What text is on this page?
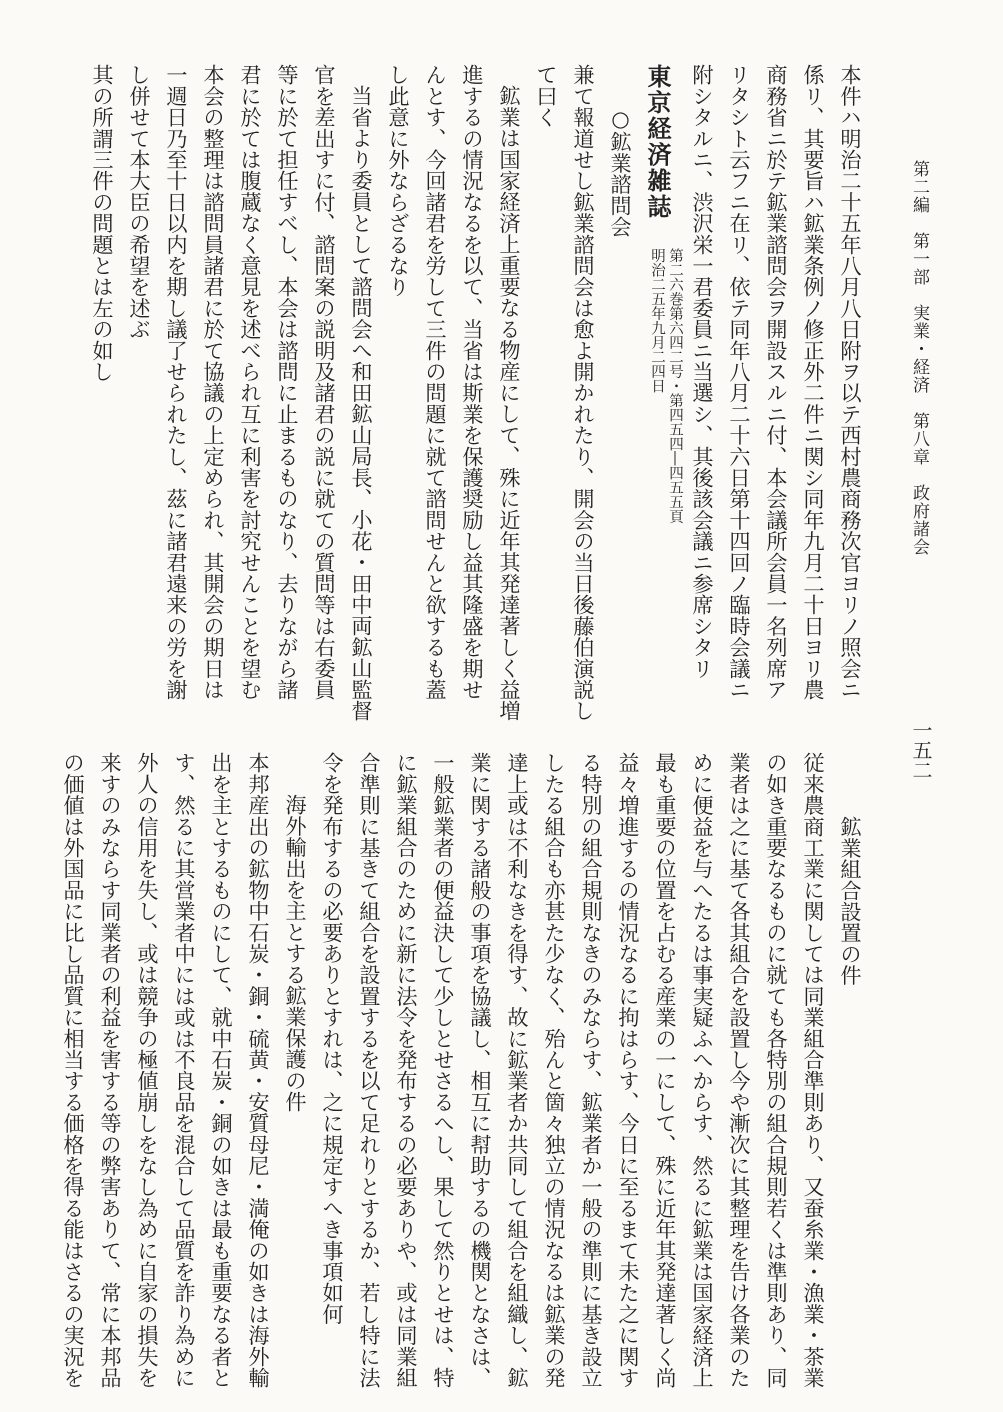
第二編　第一部　実業・経済　第八章　政府諸会
一五二

本件ハ明治二十五年八月八日附ヲ以テ西村農商務次官ヨリノ照会ニ

係リ、其要旨ハ鉱業条例ノ修正外二件ニ関シ同年九月二十日ヨリ農

商務省ニ於テ鉱業諮問会ヲ開設スルニ付、本会議所会員一名列席ア

リタシト云フニ在リ、依テ同年八月二十六日第十四回ノ臨時会議ニ

附シタルニ、渋沢栄一君委員ニ当選シ、其後該会議ニ参席シタリ

東京経済雑誌
第二六巻第六四二号・第四五四―四五五頁
明治二五年九月二四日

○鉱業諮問会

兼て報道せし鉱業諮問会は愈よ開かれたり、開会の当日後藤伯演説し

て曰く

鉱業は国家経済上重要なる物産にして、殊に近年其発達著しく益増

進するの情況なるを以て、当省は斯業を保護奨励し益其隆盛を期せ

んとす、今回諸君を労して三件の問題に就て諮問せんと欲するも蓋

し此意に外ならざるなり

当省より委員として諮問会へ和田鉱山局長、小花・田中両鉱山監督

官を差出すに付、諮問案の説明及諸君の説に就ての質問等は右委員

等に於て担任すべし、本会は諮問に止まるものなり、去りながら諸

君に於ては腹蔵なく意見を述べられ互に利害を討究せんことを望む

本会の整理は諮問員諸君に於て協議の上定められ、其開会の期日は

一週日乃至十日以内を期し議了せられたし、茲に諸君遠来の労を謝

し併せて本大臣の希望を述ぶ

其の所謂三件の問題とは左の如し

鉱業組合設置の件

従来農商工業に関しては同業組合準則あり、又蚕糸業・漁業・茶業

の如き重要なるものに就ても各特別の組合規則若くは準則あり、同

業者は之に基て各其組合を設置し今や漸次に其整理を告け各業のた

めに便益を与へたるは事実疑ふへからす、然るに鉱業は国家経済上

最も重要の位置を占むる産業の一にして、殊に近年其発達著しく尚

益々増進するの情況なるに拘はらす、今日に至るまて未た之に関す

る特別の組合規則なきのみならす、鉱業者か一般の準則に基き設立

したる組合も亦甚た少なく、殆んと箇々独立の情況なるは鉱業の発

達上或は不利なきを得す、故に鉱業者か共同して組合を組織し、鉱

業に関する諸般の事項を協議し、相互に幇助するの機関となさは、

一般鉱業者の便益決して少しとせさるへし、果して然りとせは、特

に鉱業組合のために新に法令を発布するの必要ありや、或は同業組

合準則に基きて組合を設置するを以て足れりとするか、若し特に法

令を発布するの必要ありとすれは、之に規定すへき事項如何

海外輸出を主とする鉱業保護の件

本邦産出の鉱物中石炭・銅・硫黄・安質母尼・満俺の如きは海外輸

出を主とするものにして、就中石炭・銅の如きは最も重要なる者と

す、然るに其営業者中には或は不良品を混合して品質を詐り為めに

外人の信用を失し、或は競争の極値崩しをなし為めに自家の損失を

来すのみならす同業者の利益を害する等の弊害ありて、常に本邦品

の価値は外国品に比し品質に相当する価格を得る能はさるの実況を
